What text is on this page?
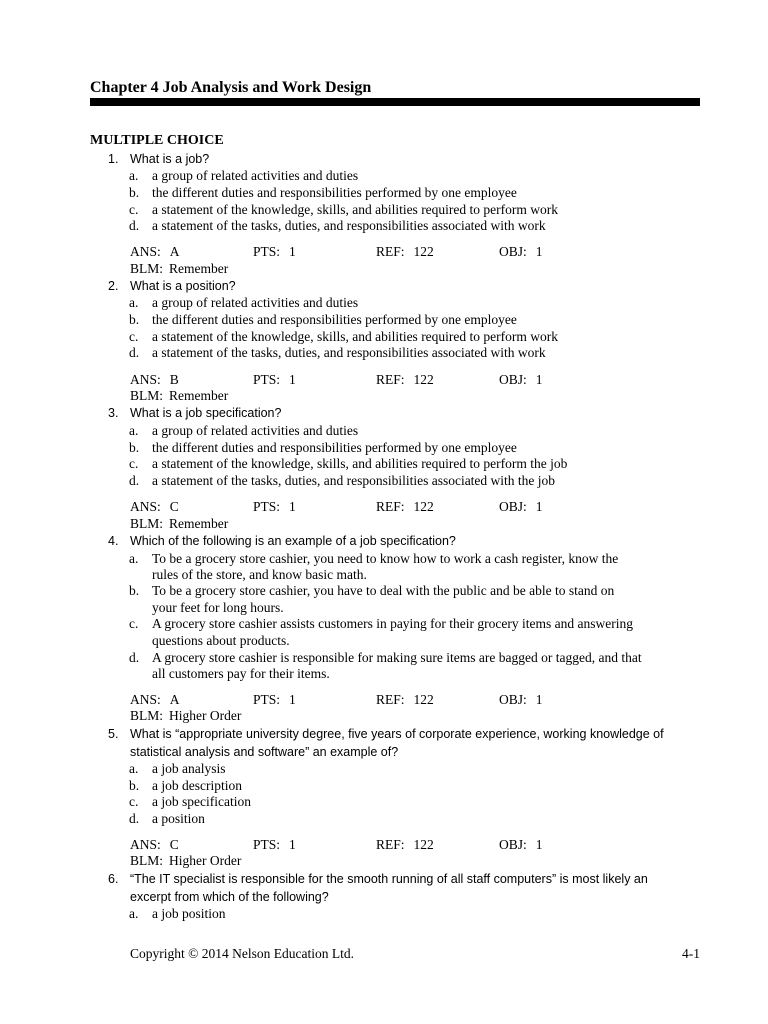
Chapter 4 Job Analysis and Work Design
MULTIPLE CHOICE
1. What is a job?
a. a group of related activities and duties
b. the different duties and responsibilities performed by one employee
c. a statement of the knowledge, skills, and abilities required to perform work
d. a statement of the tasks, duties, and responsibilities associated with work
ANS: A	PTS: 1	REF: 122	OBJ: 1
BLM: Remember
2. What is a position?
a. a group of related activities and duties
b. the different duties and responsibilities performed by one employee
c. a statement of the knowledge, skills, and abilities required to perform work
d. a statement of the tasks, duties, and responsibilities associated with work
ANS: B	PTS: 1	REF: 122	OBJ: 1
BLM: Remember
3. What is a job specification?
a. a group of related activities and duties
b. the different duties and responsibilities performed by one employee
c. a statement of the knowledge, skills, and abilities required to perform the job
d. a statement of the tasks, duties, and responsibilities associated with the job
ANS: C	PTS: 1	REF: 122	OBJ: 1
BLM: Remember
4. Which of the following is an example of a job specification?
a. To be a grocery store cashier, you need to know how to work a cash register, know the
rules of the store, and know basic math.
b. To be a grocery store cashier, you have to deal with the public and be able to stand on
your feet for long hours.
c. A grocery store cashier assists customers in paying for their grocery items and answering
questions about products.
d. A grocery store cashier is responsible for making sure items are bagged or tagged, and that
all customers pay for their items.
ANS: A	PTS: 1	REF: 122	OBJ: 1
BLM: Higher Order
5. What is “appropriate university degree, five years of corporate experience, working knowledge of
statistical analysis and software” an example of?
a. a job analysis
b. a job description
c. a job specification
d. a position
ANS: C	PTS: 1	REF: 122	OBJ: 1
BLM: Higher Order
6. “The IT specialist is responsible for the smooth running of all staff computers” is most likely an
excerpt from which of the following?
a. a job position
Copyright © 2014 Nelson Education Ltd.	4-1
